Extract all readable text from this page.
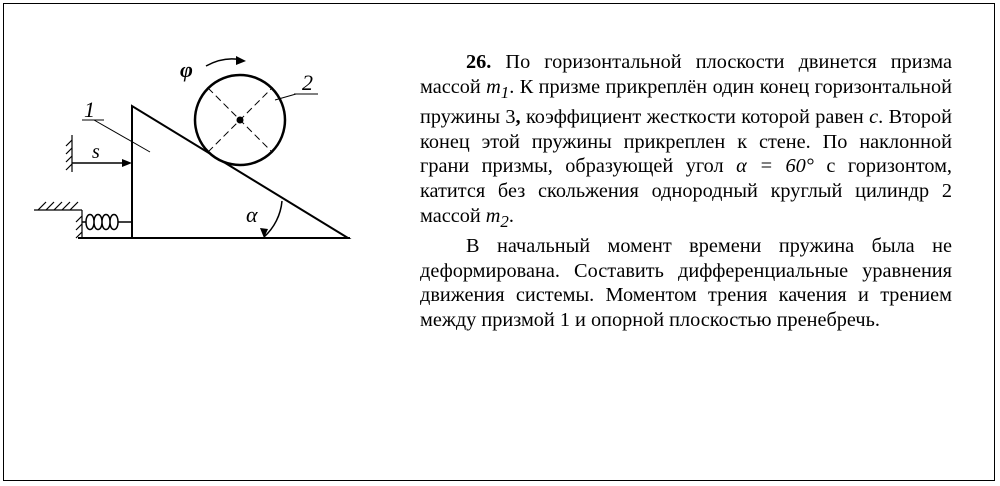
s
1
α
φ
2

26. По горизонтальной плоскости двинется призма массой $m_1$. К призме прикреплён один конец горизонтальной пружины 3, коэффициент жесткости которой равен c. Второй конец этой пружины прикреплен к стене. По наклонной грани призмы, образующей угол α = 60° с горизонтом, катится без скольжения однородный круглый цилиндр 2 массой $m_2$.

В начальный момент времени пружина была не деформирована. Составить дифференциальные уравнения движения системы. Моментом трения качения и трением между призмой 1 и опорной плоскостью пренебречь.
